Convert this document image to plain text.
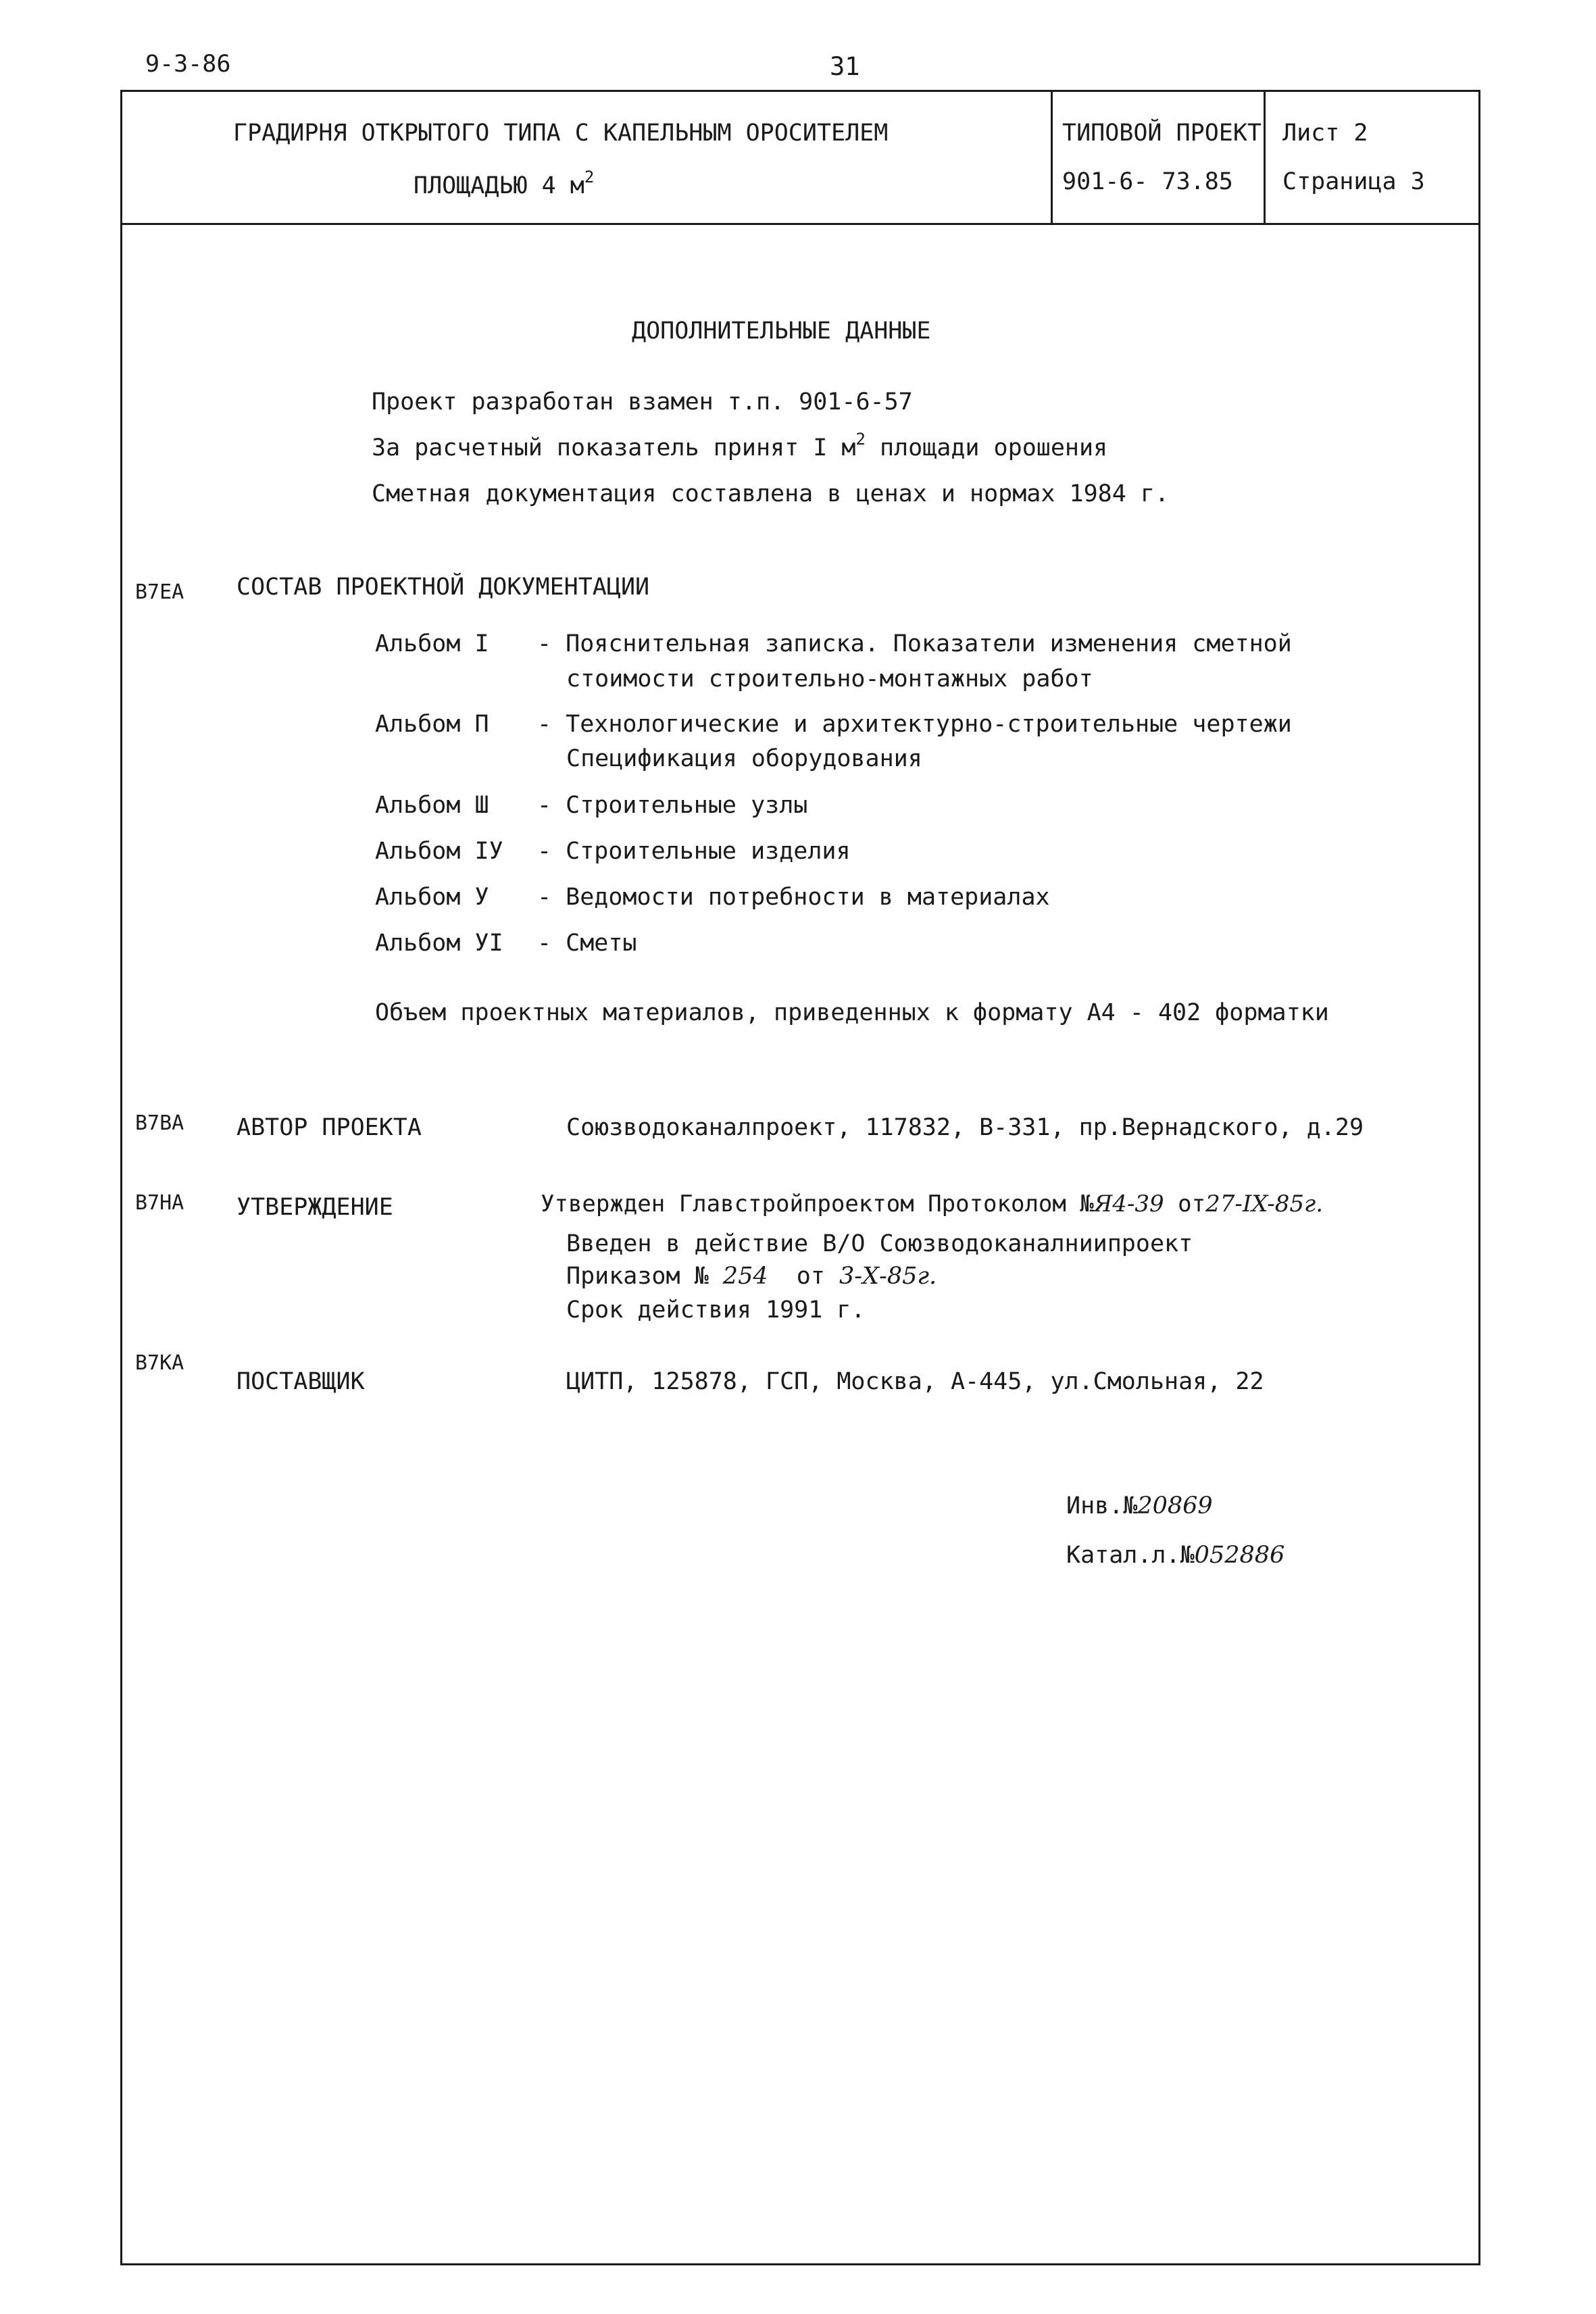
9-3-86	31
ГРАДИРНЯ ОТКРЫТОГО ТИПА С КАПЕЛЬНЫМ ОРОСИТЕЛЕМ
ПЛОЩАДЬЮ 4 $м^2$
ТИПОВОЙ ПРОЕКТ
901-6- 73.85
Лист 2
Страница 3
ДОПОЛНИТЕЛЬНЫЕ ДАННЫЕ
Проект разработан взамен т.п. 901-6-57
За расчетный показатель принят I $м^2$ площади орошения
Сметная документация составлена в ценах и нормах 1984 г.
В7ЕА СОСТАВ ПРОЕКТНОЙ ДОКУМЕНТАЦИИ
Альбом I - Пояснительная записка. Показатели изменения сметной
стоимости строительно-монтажных работ
Альбом П - Технологические и архитектурно-строительные чертежи
Спецификация оборудования
Альбом Ш - Строительные узлы
Альбом IУ - Строительные изделия
Альбом У - Ведомости потребности в материалах
Альбом УI - Сметы
Объем проектных материалов, приведенных к формату А4 - 402 форматки
В7ВА АВТОР ПРОЕКТА	Союзводоканалпроект, 117832, В-331, пр.Вернадского, д.29
В7НА УТВЕРЖДЕНИЕ	Утвержден Главстройпроектом Протоколом №Я4-39 от27-IX-85г.
Введен в действие В/О Союзводоканалниипроект
Приказом № 254 от 3-Х-85г.
Срок действия 1991 г.
В7КА
ПОСТАВЩИК	ЦИТП, 125878, ГСП, Москва, А-445, ул.Смольная, 22
Инв.№20869
Катал.л.№052886
